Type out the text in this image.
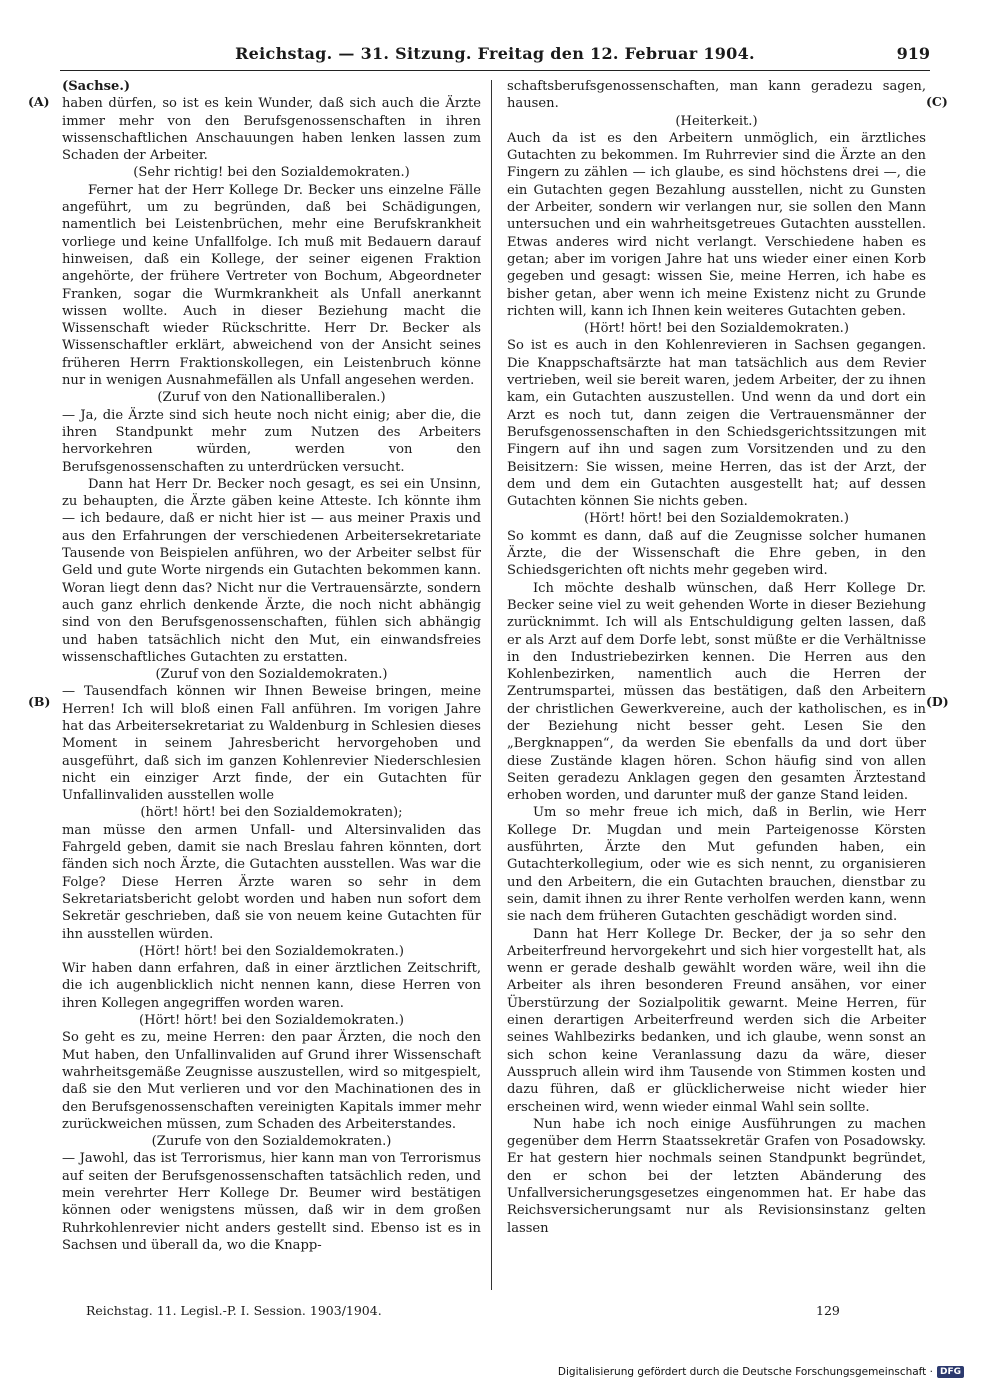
Reichstag. — 31. Sitzung. Freitag den 12. Februar 1904.	919
(A)
(B)
(C)
(D)

(Sachse.)

haben dürfen, so ist es kein Wunder, daß sich auch die Ärzte immer mehr von den Berufsgenossenschaften in ihren wissenschaftlichen Anschauungen haben lenken lassen zum Schaden der Arbeiter.

(Sehr richtig! bei den Sozialdemokraten.)

Ferner hat der Herr Kollege Dr. Becker uns einzelne Fälle angeführt, um zu begründen, daß bei Schädigungen, namentlich bei Leistenbrüchen, mehr eine Berufskrankheit vorliege und keine Unfallfolge. Ich muß mit Bedauern darauf hinweisen, daß ein Kollege, der seiner eigenen Fraktion angehörte, der frühere Vertreter von Bochum, Abgeordneter Franken, sogar die Wurmkrankheit als Unfall anerkannt wissen wollte. Auch in dieser Beziehung macht die Wissenschaft wieder Rückschritte. Herr Dr. Becker als Wissenschaftler erklärt, abweichend von der Ansicht seines früheren Herrn Fraktionskollegen, ein Leistenbruch könne nur in wenigen Ausnahmefällen als Unfall angesehen werden.

(Zuruf von den Nationalliberalen.)

— Ja, die Ärzte sind sich heute noch nicht einig; aber die, die ihren Standpunkt mehr zum Nutzen des Arbeiters hervorkehren würden, werden von den Berufsgenossenschaften zu unterdrücken versucht.

Dann hat Herr Dr. Becker noch gesagt, es sei ein Unsinn, zu behaupten, die Ärzte gäben keine Atteste. Ich könnte ihm — ich bedaure, daß er nicht hier ist — aus meiner Praxis und aus den Erfahrungen der verschiedenen Arbeitersekretariate Tausende von Beispielen anführen, wo der Arbeiter selbst für Geld und gute Worte nirgends ein Gutachten bekommen kann. Woran liegt denn das? Nicht nur die Vertrauensärzte, sondern auch ganz ehrlich denkende Ärzte, die noch nicht abhängig sind von den Berufsgenossenschaften, fühlen sich abhängig und haben tatsächlich nicht den Mut, ein einwandsfreies wissenschaftliches Gutachten zu erstatten.

(Zuruf von den Sozialdemokraten.)

— Tausendfach können wir Ihnen Beweise bringen, meine Herren! Ich will bloß einen Fall anführen. Im vorigen Jahre hat das Arbeitersekretariat zu Waldenburg in Schlesien dieses Moment in seinem Jahresbericht hervorgehoben und ausgeführt, daß sich im ganzen Kohlenrevier Niederschlesien nicht ein einziger Arzt finde, der ein Gutachten für Unfallinvaliden ausstellen wolle

(hört! hört! bei den Sozialdemokraten);

man müsse den armen Unfall- und Altersinvaliden das Fahrgeld geben, damit sie nach Breslau fahren könnten, dort fänden sich noch Ärzte, die Gutachten ausstellen. Was war die Folge? Diese Herren Ärzte waren so sehr in dem Sekretariatsbericht gelobt worden und haben nun sofort dem Sekretär geschrieben, daß sie von neuem keine Gutachten für ihn ausstellen würden.

(Hört! hört! bei den Sozialdemokraten.)

Wir haben dann erfahren, daß in einer ärztlichen Zeitschrift, die ich augenblicklich nicht nennen kann, diese Herren von ihren Kollegen angegriffen worden waren.

(Hört! hört! bei den Sozialdemokraten.)

So geht es zu, meine Herren: den paar Ärzten, die noch den Mut haben, den Unfallinvaliden auf Grund ihrer Wissenschaft wahrheitsgemäße Zeugnisse auszustellen, wird so mitgespielt, daß sie den Mut verlieren und vor den Machinationen des in den Berufsgenossenschaften vereinigten Kapitals immer mehr zurückweichen müssen, zum Schaden des Arbeiterstandes.

(Zurufe von den Sozialdemokraten.)

— Jawohl, das ist Terrorismus, hier kann man von Terrorismus auf seiten der Berufsgenossenschaften tatsächlich reden, und mein verehrter Herr Kollege Dr. Beumer wird bestätigen können oder wenigstens müssen, daß wir in dem großen Ruhrkohlenrevier nicht anders gestellt sind. Ebenso ist es in Sachsen und überall da, wo die Knapp-

schaftsberufsgenossenschaften, man kann geradezu sagen, hausen.

(Heiterkeit.)

Auch da ist es den Arbeitern unmöglich, ein ärztliches Gutachten zu bekommen. Im Ruhrrevier sind die Ärzte an den Fingern zu zählen — ich glaube, es sind höchstens drei —, die ein Gutachten gegen Bezahlung ausstellen, nicht zu Gunsten der Arbeiter, sondern wir verlangen nur, sie sollen den Mann untersuchen und ein wahrheitsgetreues Gutachten ausstellen. Etwas anderes wird nicht verlangt. Verschiedene haben es getan; aber im vorigen Jahre hat uns wieder einer einen Korb gegeben und gesagt: wissen Sie, meine Herren, ich habe es bisher getan, aber wenn ich meine Existenz nicht zu Grunde richten will, kann ich Ihnen kein weiteres Gutachten geben.

(Hört! hört! bei den Sozialdemokraten.)

So ist es auch in den Kohlenrevieren in Sachsen gegangen. Die Knappschaftsärzte hat man tatsächlich aus dem Revier vertrieben, weil sie bereit waren, jedem Arbeiter, der zu ihnen kam, ein Gutachten auszustellen. Und wenn da und dort ein Arzt es noch tut, dann zeigen die Vertrauensmänner der Berufsgenossenschaften in den Schiedsgerichtssitzungen mit Fingern auf ihn und sagen zum Vorsitzenden und zu den Beisitzern: Sie wissen, meine Herren, das ist der Arzt, der dem und dem ein Gutachten ausgestellt hat; auf dessen Gutachten können Sie nichts geben.

(Hört! hört! bei den Sozialdemokraten.)

So kommt es dann, daß auf die Zeugnisse solcher humanen Ärzte, die der Wissenschaft die Ehre geben, in den Schiedsgerichten oft nichts mehr gegeben wird.

Ich möchte deshalb wünschen, daß Herr Kollege Dr. Becker seine viel zu weit gehenden Worte in dieser Beziehung zurücknimmt. Ich will als Entschuldigung gelten lassen, daß er als Arzt auf dem Dorfe lebt, sonst müßte er die Verhältnisse in den Industriebezirken kennen. Die Herren aus den Kohlenbezirken, namentlich auch die Herren der Zentrumspartei, müssen das bestätigen, daß den Arbeitern der christlichen Gewerkvereine, auch der katholischen, es in der Beziehung nicht besser geht. Lesen Sie den „Bergknappen“, da werden Sie ebenfalls da und dort über diese Zustände klagen hören. Schon häufig sind von allen Seiten geradezu Anklagen gegen den gesamten Ärztestand erhoben worden, und darunter muß der ganze Stand leiden.

Um so mehr freue ich mich, daß in Berlin, wie Herr Kollege Dr. Mugdan und mein Parteigenosse Körsten ausführten, Ärzte den Mut gefunden haben, ein Gutachterkollegium, oder wie es sich nennt, zu organisieren und den Arbeitern, die ein Gutachten brauchen, dienstbar zu sein, damit ihnen zu ihrer Rente verholfen werden kann, wenn sie nach dem früheren Gutachten geschädigt worden sind.

Dann hat Herr Kollege Dr. Becker, der ja so sehr den Arbeiterfreund hervorgekehrt und sich hier vorgestellt hat, als wenn er gerade deshalb gewählt worden wäre, weil ihn die Arbeiter als ihren besonderen Freund ansähen, vor einer Überstürzung der Sozialpolitik gewarnt. Meine Herren, für einen derartigen Arbeiterfreund werden sich die Arbeiter seines Wahlbezirks bedanken, und ich glaube, wenn sonst an sich schon keine Veranlassung dazu da wäre, dieser Ausspruch allein wird ihm Tausende von Stimmen kosten und dazu führen, daß er glücklicherweise nicht wieder hier erscheinen wird, wenn wieder einmal Wahl sein sollte.

Nun habe ich noch einige Ausführungen zu machen gegenüber dem Herrn Staatssekretär Grafen von Posadowsky. Er hat gestern hier nochmals seinen Standpunkt begründet, den er schon bei der letzten Abänderung des Unfallversicherungsgesetzes eingenommen hat. Er habe das Reichsversicherungsamt nur als Revisionsinstanz gelten lassen

Reichstag. 11. Legisl.-P. I. Session. 1903/1904.	129
Digitalisierung gefördert durch die Deutsche Forschungsgemeinschaft · DFG
